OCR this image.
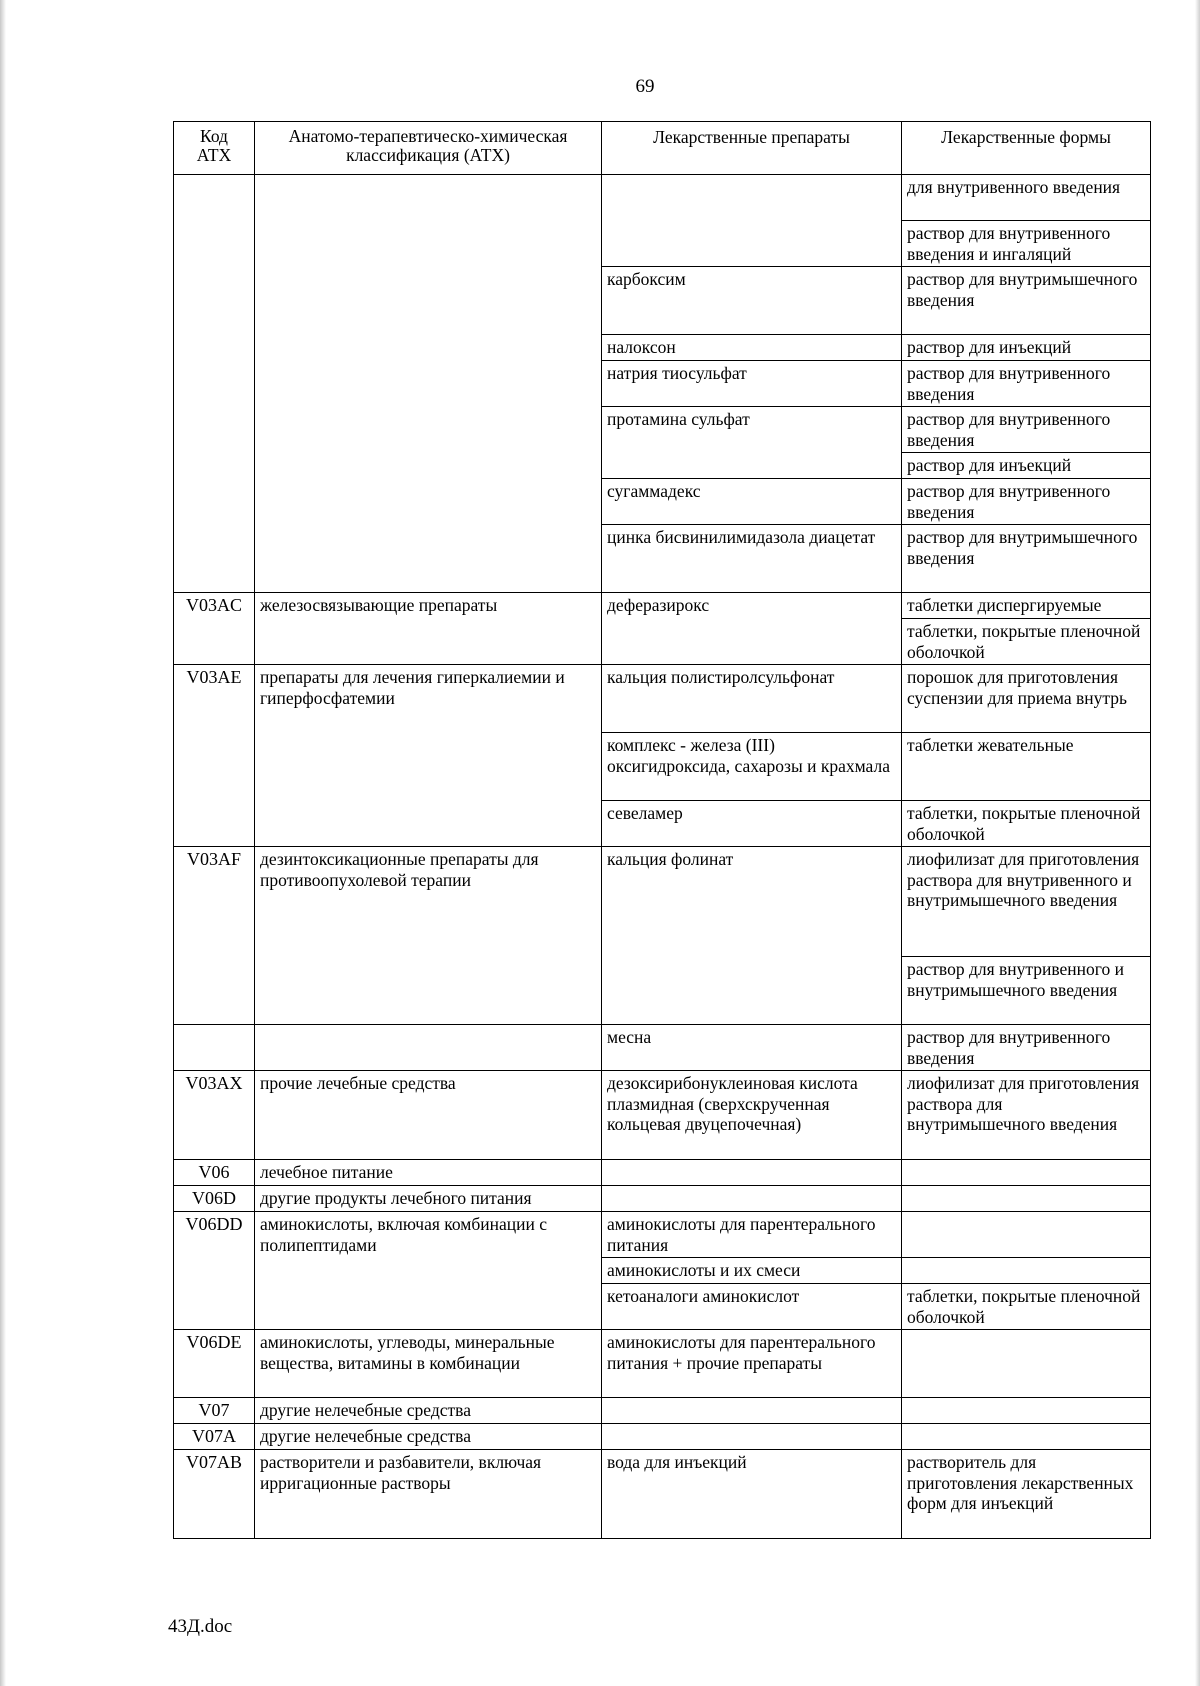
69
Код
АТХ	Анатомо-терапевтическо-химическая классификация (АТХ)	Лекарственные препараты	Лекарственные формы
			для внутривенного введения
			раствор для внутривенного введения и ингаляций
		карбоксим	раствор для внутримышечного введения
		налоксон	раствор для инъекций
		натрия тиосульфат	раствор для внутривенного введения
		протамина сульфат	раствор для внутривенного введения
			раствор для инъекций
		сугаммадекс	раствор для внутривенного введения
		цинка бисвинилимидазола диацетат	раствор для внутримышечного введения
V03AC	железосвязывающие препараты	деферазирокс	таблетки диспергируемые
			таблетки, покрытые пленочной оболочкой
V03AE	препараты для лечения гиперкалиемии и гиперфосфатемии	кальция полистиролсульфонат	порошок для приготовления суспензии для приема внутрь
		комплекс - железа (III) оксигидроксида, сахарозы и крахмала	таблетки жевательные
		севеламер	таблетки, покрытые пленочной оболочкой
V03AF	дезинтоксикационные препараты для противоопухолевой терапии	кальция фолинат	лиофилизат для приготовления раствора для внутривенного и внутримышечного введения
			раствор для внутривенного и внутримышечного введения
		месна	раствор для внутривенного введения
V03AX	прочие лечебные средства	дезоксирибонуклеиновая кислота плазмидная (сверхскрученная кольцевая двуцепочечная)	лиофилизат для приготовления раствора для внутримышечного введения
V06	лечебное питание		
V06D	другие продукты лечебного питания		
V06DD	аминокислоты, включая комбинации с полипептидами	аминокислоты для парентерального питания	
		аминокислоты и их смеси	
		кетоаналоги аминокислот	таблетки, покрытые пленочной оболочкой
V06DE	аминокислоты, углеводы, минеральные вещества, витамины в комбинации	аминокислоты для парентерального питания + прочие препараты	
V07	другие нелечебные средства		
V07A	другие нелечебные средства		
V07AB	растворители и разбавители, включая ирригационные растворы	вода для инъекций	растворитель для приготовления лекарственных форм для инъекций
43Д.doc
